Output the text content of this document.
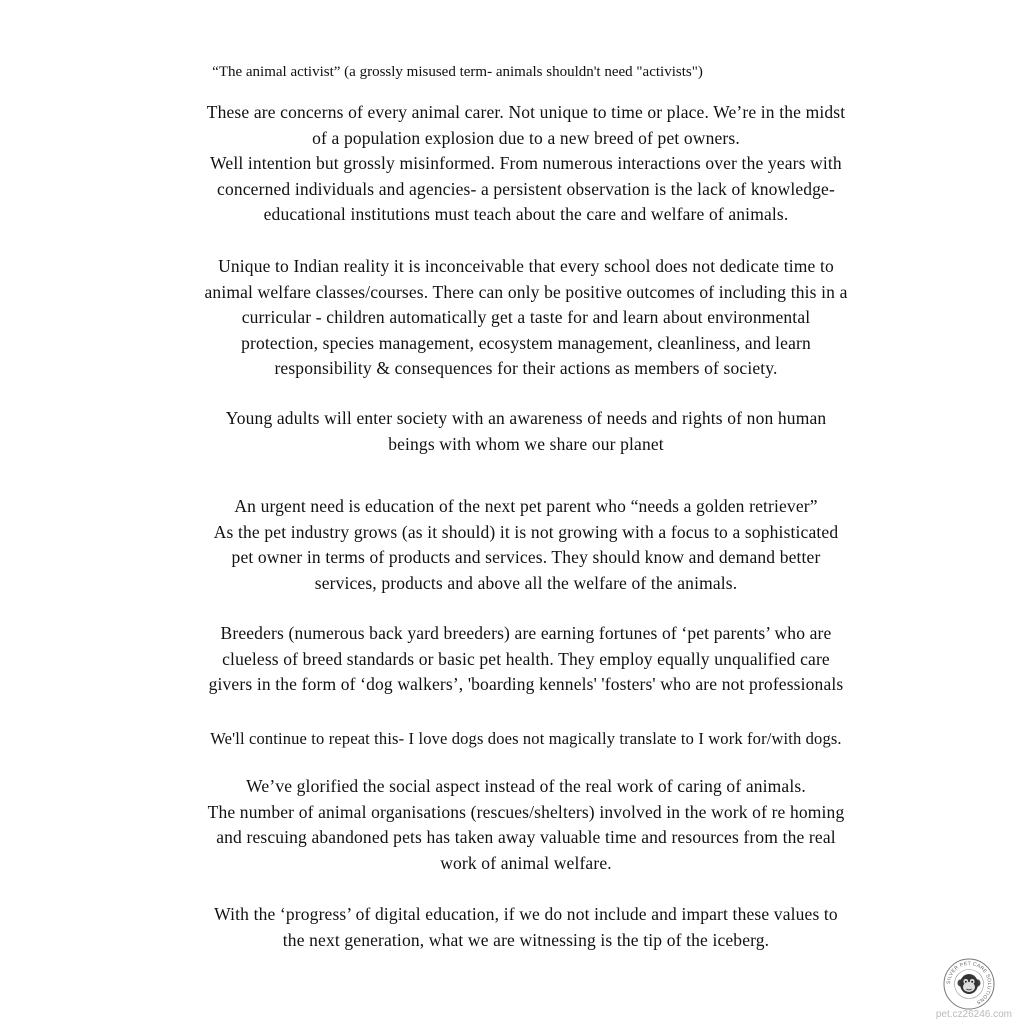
“The animal activist” (a grossly misused term- animals shouldn't need "activists")
These are concerns of every animal carer. Not unique to time or place. We’re in the midst
of a population explosion due to a new breed of pet owners.
Well intention but grossly misinformed. From numerous interactions over the years with
concerned individuals and agencies- a persistent observation is the lack of knowledge-
educational institutions must teach about the care and welfare of animals.
Unique to Indian reality it is inconceivable that every school does not dedicate time to
animal welfare classes/courses. There can only be positive outcomes of including this in a
curricular - children automatically get a taste for and learn about environmental
protection, species management, ecosystem management, cleanliness, and learn
responsibility & consequences for their actions as members of society.
Young adults will enter society with an awareness of needs and rights of non human
beings with whom we share our planet
An urgent need is education of the next pet parent who “needs a golden retriever”
As the pet industry grows (as it should) it is not growing with a focus to a sophisticated
pet owner in terms of products and services. They should know and demand better
services, products and above all the welfare of the animals.
Breeders (numerous back yard breeders) are earning fortunes of ‘pet parents’ who are
clueless of breed standards or basic pet health. They employ equally unqualified care
givers in the form of ‘dog walkers’, 'boarding kennels' 'fosters' who are not professionals
We'll continue to repeat this- I love dogs does not magically translate to I work for/with dogs.
We’ve glorified the social aspect instead of the real work of caring of animals.
The number of animal organisations (rescues/shelters) involved in the work of re homing
and rescuing abandoned pets has taken away valuable time and resources from the real
work of animal welfare.
With the ‘progress’ of digital education, if we do not include and impart these values to
the next generation, what we are witnessing is the tip of the iceberg.
SILVER PET CARE SOLUTIONS
pet.cz26246.com
